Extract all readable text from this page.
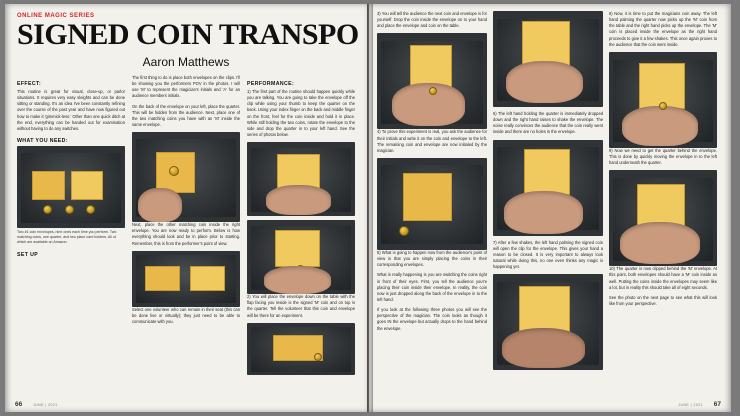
ONLINE MAGIC SERIES
SIGNED COIN TRANSPO
Aaron Matthews
EFFECT:

This routine is great for visual, close-up, or parlor situations. It requires very easy sleights and can be done sitting or standing. It's an idea I've been constantly refining over the course of the past year and have now figured out how to make it 'gimmick-less.' Other than one quick ditch at the end, everything can be handed out for examination without having to do any switches.

WHAT YOU NEED:

Two #1 coin envelopes, nine ones each time you perform. Two matching coins, one quarter, and two place card holders. All of which are available on Amazon.

SET UP

The first thing to do is place both envelopes on the clips. I'll be showing you the performers POV in the photos. I will use 'M' to represent the magician's initials and 'A' for an audience members initials.

On the back of the envelope on your left, place the quarter. This will be hidden from the audience. Next, place one of the two matching coins you have with an 'M' inside the same envelope.

Next, place the other matching coin inside the right envelope. You are now ready to perform. Below is how everything should look and be in place prior to starting. Remember, this is from the performer's point of view.

Select one volunteer who can remain in their seat (this can be done live or virtually); they just need to be able to communicate with you.

PERFORMANCE:

1) The first part of the routine should happen quickly while you are talking. You are going to take the envelope off the clip while using your thumb to keep the quarter on the back. Using your index finger on the back and middle finger on the front, feel for the coin inside and hold it in place. While still holding the two coins, rotate the envelope to the side and drop the quarter in to your left hand. See the series of photos below.

2) You will place the envelope down on the table with the flap facing you inside is the signed 'M' coin and on top is the quarter. Tell the volunteer that this coin and envelope will be there for an experiment.

66	JUNE | 2021

3) You will tell the audience the next coin and envelope is for yourself. Drop the coin inside the envelope on to your hand and place the envelope and coin on the table.

4) To prove this experiment is real, you ask the audience for their initials and write it on the coin and envelope to the left. The remaining coin and envelope are now initialed by the magician.

5) What is going to happen now from the audience's point of view is that you are simply placing the coins in their corresponding envelopes.

What is really happening is you are switching the coins right in front of their eyes. First, you tell the audience you're placing their coin inside their envelope. In reality, the coin now is just dropped along the back of the envelope in to the left hand.

If you look at the following three photos you will see the perspective of the magician. The coin looks as though it goes IN the envelope but actually drops to the hand behind the envelope.

6) The left hand holding the quarter is immediately dropped down and the right hand raises to shake the envelope. The noise really convinces the audience that the coin really went inside and there are no holes in the envelope.

7) After a few shakes, the left hand palming the signed coin will open the clip for the envelope. This gives your hand a reason to be closed. It is very important to always look natural while doing this, no one even thinks any magic is happening yet.

8) Now, it is time to put the magicians coin away. The left hand palming the quarter now picks up the 'M' coin from the table and the right hand picks up the envelope. The 'M' coin is placed inside the envelope as the right hand proceeds to give it a few shakes. This once again proves to the audience that the coin went inside.

9) Now we need to get the quarter behind the envelope. This is done by quickly moving the envelope in to the left hand underneath the quarter.

10) The quarter is now clipped behind the 'M' envelope. At this point, both envelopes should have a 'M' coin inside as well. Putting the coins inside the envelopes may seem like a lot, but in reality this should take all of eight seconds.

See the photo on the next page to see what this will look like from your perspective.

67
JUNE | 2021
